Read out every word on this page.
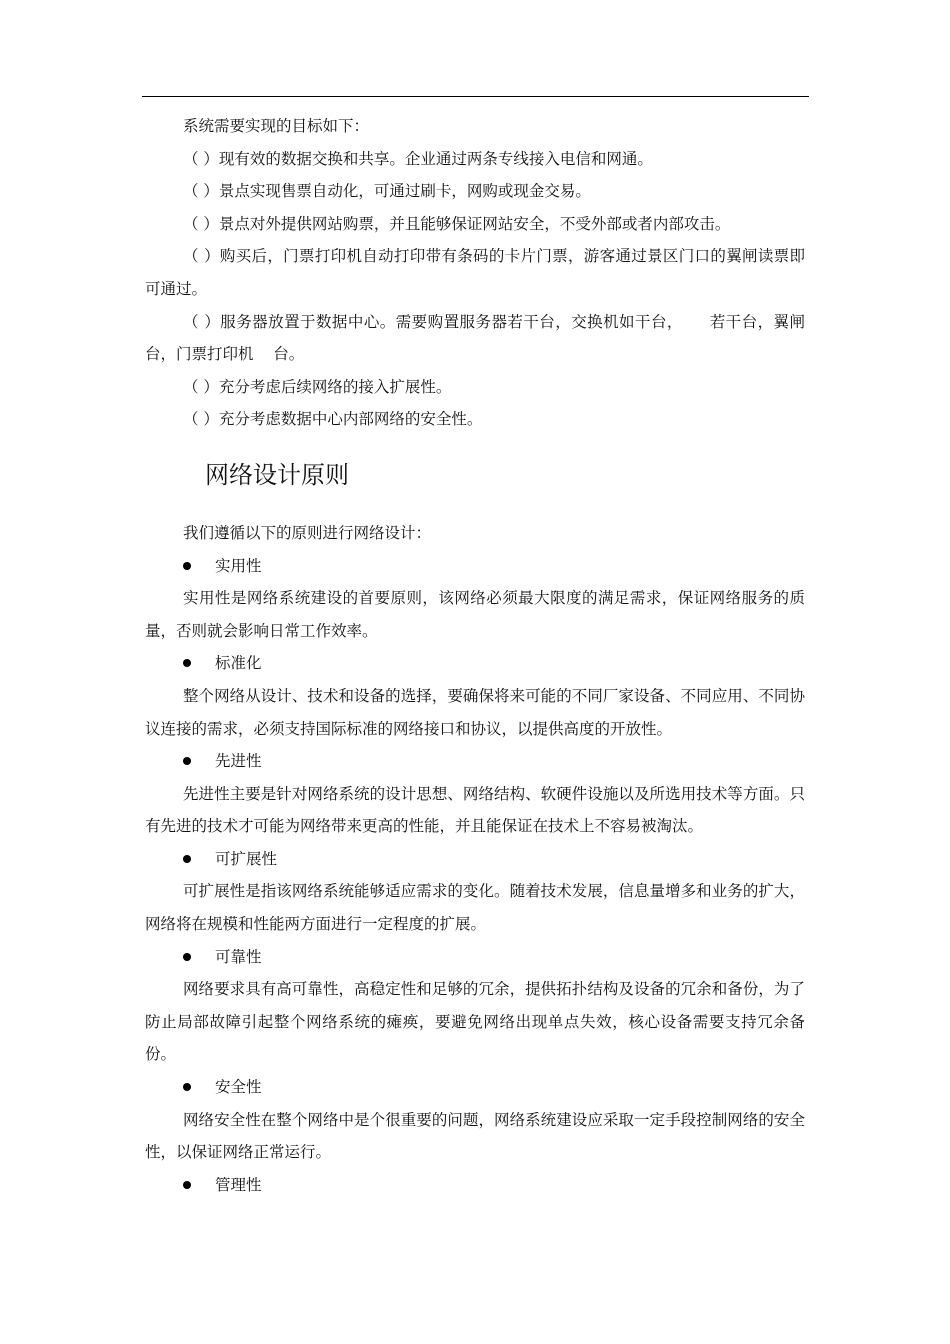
系统需要实现的目标如下：

（ ）现有效的数据交换和共享。企业通过两条专线接入电信和网通。

（ ）景点实现售票自动化，可通过刷卡，网购或现金交易。

（ ）景点对外提供网站购票，并且能够保证网站安全，不受外部或者内部攻击。

（ ）购买后，门票打印机自动打印带有条码的卡片门票，游客通过景区门口的翼闸读票即可通过。

（ ）服务器放置于数据中心。需要购置服务器若干台，交换机如干台，     若干台，翼闸    台，门票打印机    台。

（ ）充分考虑后续网络的接入扩展性。

（ ）充分考虑数据中心内部网络的安全性。

网络设计原则

我们遵循以下的原则进行网络设计：

实用性

实用性是网络系统建设的首要原则，该网络必须最大限度的满足需求，保证网络服务的质量，否则就会影响日常工作效率。

标准化

整个网络从设计、技术和设备的选择，要确保将来可能的不同厂家设备、不同应用、不同协议连接的需求，必须支持国际标准的网络接口和协议，以提供高度的开放性。

先进性

先进性主要是针对网络系统的设计思想、网络结构、软硬件设施以及所选用技术等方面。只有先进的技术才可能为网络带来更高的性能，并且能保证在技术上不容易被淘汰。

可扩展性

可扩展性是指该网络系统能够适应需求的变化。随着技术发展，信息量增多和业务的扩大，网络将在规模和性能两方面进行一定程度的扩展。

可靠性

网络要求具有高可靠性，高稳定性和足够的冗余，提供拓扑结构及设备的冗余和备份，为了防止局部故障引起整个网络系统的瘫痪，要避免网络出现单点失效，核心设备需要支持冗余备份。

安全性

网络安全性在整个网络中是个很重要的问题，网络系统建设应采取一定手段控制网络的安全性，以保证网络正常运行。

管理性
